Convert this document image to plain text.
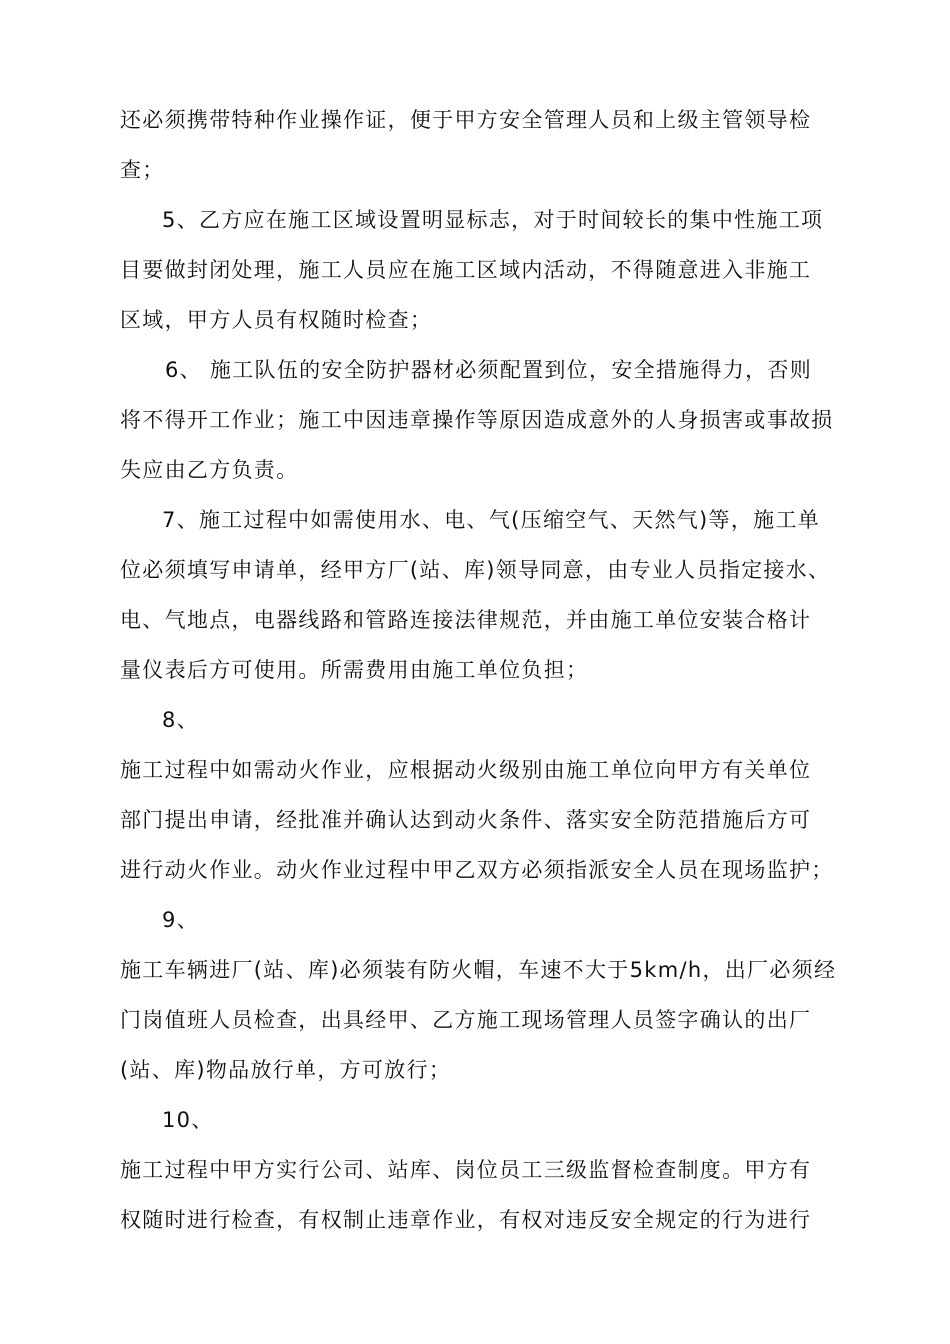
还必须携带特种作业操作证，便于甲方安全管理人员和上级主管领导检
查；
5、乙方应在施工区域设置明显标志，对于时间较长的集中性施工项
目要做封闭处理，施工人员应在施工区域内活动，不得随意进入非施工
区域，甲方人员有权随时检查；
6、 施工队伍的安全防护器材必须配置到位，安全措施得力，否则
将不得开工作业；施工中因违章操作等原因造成意外的人身损害或事故损
失应由乙方负责。
7、施工过程中如需使用水、电、气(压缩空气、天然气)等，施工单
位必须填写申请单，经甲方厂(站、库)领导同意，由专业人员指定接水、
电、气地点，电器线路和管路连接法律规范，并由施工单位安装合格计
量仪表后方可使用。所需费用由施工单位负担；
8、
施工过程中如需动火作业，应根据动火级别由施工单位向甲方有关单位
部门提出申请，经批准并确认达到动火条件、落实安全防范措施后方可
进行动火作业。动火作业过程中甲乙双方必须指派安全人员在现场监护；
9、
施工车辆进厂(站、库)必须装有防火帽，车速不大于5km/h，出厂必须经
门岗值班人员检查，出具经甲、乙方施工现场管理人员签字确认的出厂
(站、库)物品放行单，方可放行；
10、
施工过程中甲方实行公司、站库、岗位员工三级监督检查制度。甲方有
权随时进行检查，有权制止违章作业，有权对违反安全规定的行为进行
